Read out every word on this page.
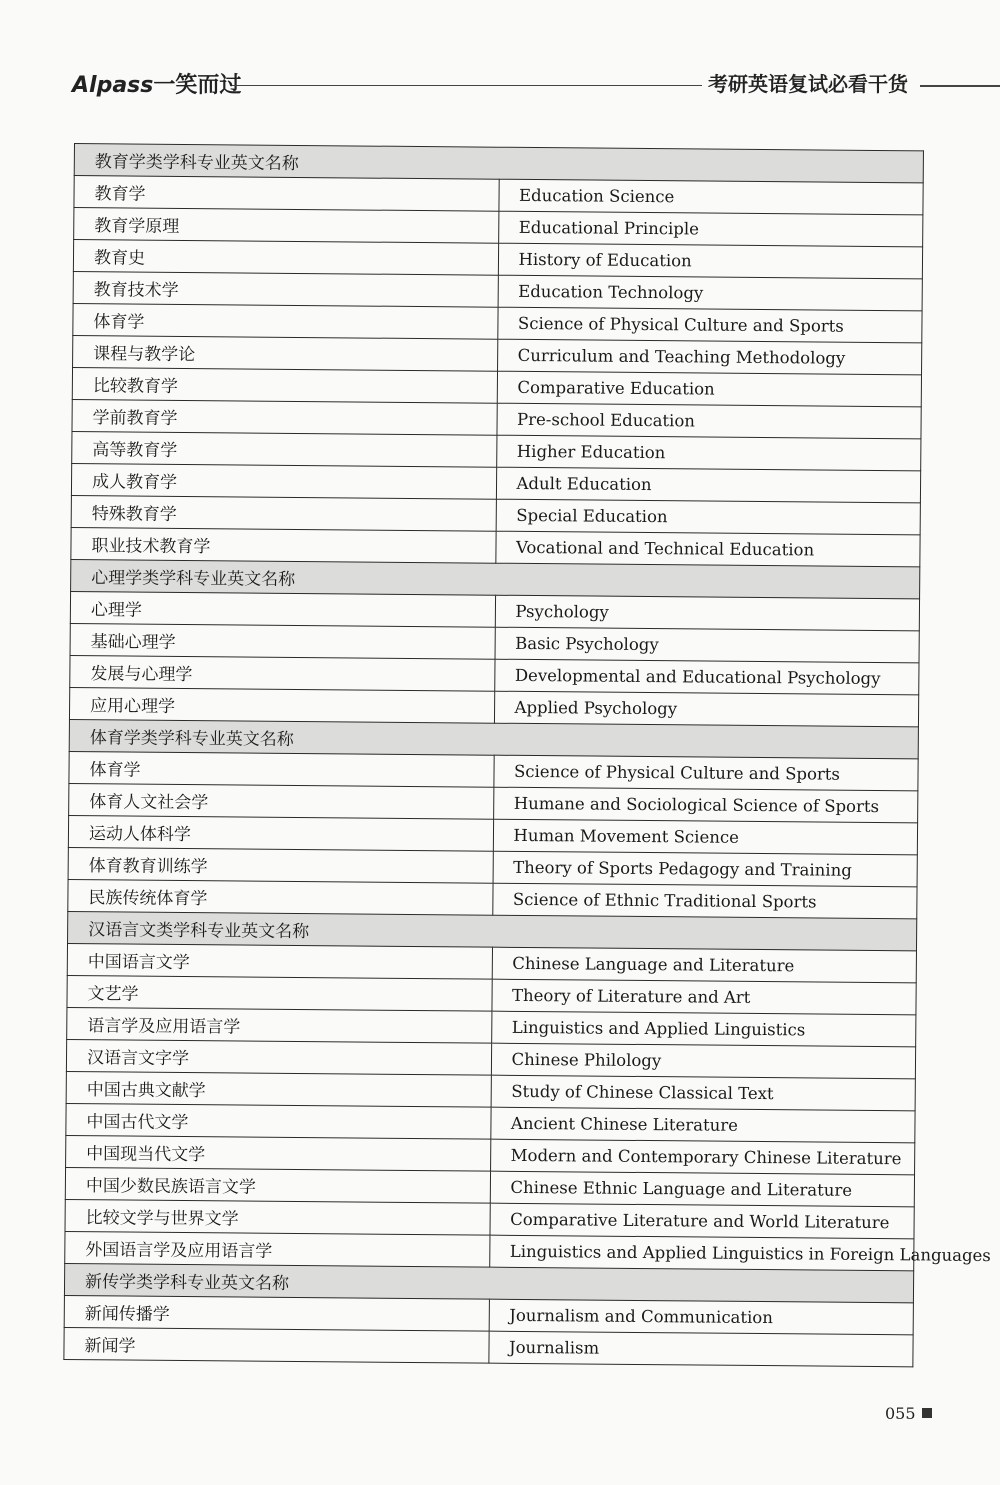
Alpass一笑而过	考研英语复试必看干货
教育学类学科专业英文名称	
教育学	Education Science
教育学原理	Educational Principle
教育史	History of Education
教育技术学	Education Technology
体育学	Science of Physical Culture and Sports
课程与教学论	Curriculum and Teaching Methodology
比较教育学	Comparative Education
学前教育学	Pre-school Education
高等教育学	Higher Education
成人教育学	Adult Education
特殊教育学	Special Education
职业技术教育学	Vocational and Technical Education
心理学类学科专业英文名称	
心理学	Psychology
基础心理学	Basic Psychology
发展与心理学	Developmental and Educational Psychology
应用心理学	Applied Psychology
体育学类学科专业英文名称	
体育学	Science of Physical Culture and Sports
体育人文社会学	Humane and Sociological Science of Sports
运动人体科学	Human Movement Science
体育教育训练学	Theory of Sports Pedagogy and Training
民族传统体育学	Science of Ethnic Traditional Sports
汉语言文类学科专业英文名称	
中国语言文学	Chinese Language and Literature
文艺学	Theory of Literature and Art
语言学及应用语言学	Linguistics and Applied Linguistics
汉语言文字学	Chinese Philology
中国古典文献学	Study of Chinese Classical Text
中国古代文学	Ancient Chinese Literature
中国现当代文学	Modern and Contemporary Chinese Literature
中国少数民族语言文学	Chinese Ethnic Language and Literature
比较文学与世界文学	Comparative Literature and World Literature
外国语言学及应用语言学	Linguistics and Applied Linguistics in Foreign Languages
新传学类学科专业英文名称	
新闻传播学	Journalism and Communication
新闻学	Journalism
055
